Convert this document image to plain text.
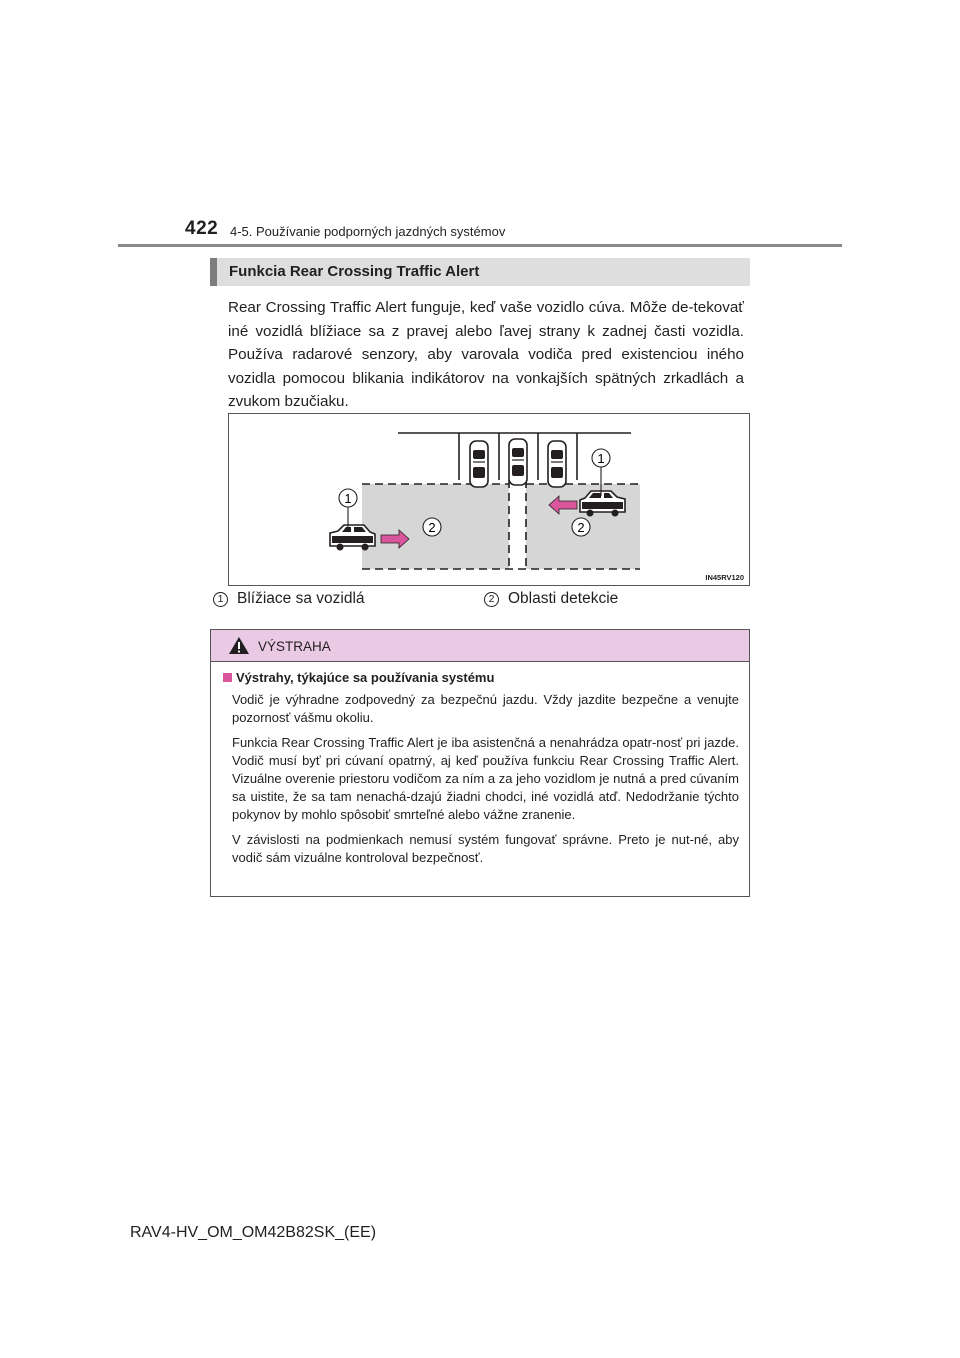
422 4-5. Používanie podporných jazdných systémov
Funkcia Rear Crossing Traffic Alert

Rear Crossing Traffic Alert funguje, keď vaše vozidlo cúva. Môže de-tekovať iné vozidlá blížiace sa z pravej alebo ľavej strany k zadnej časti vozidla. Používa radarové senzory, aby varovala vodiča pred existenciou iného vozidla pomocou blikania indikátorov na vonkajších spätných zrkadlách a zvukom bzučiaku.

1
1
2	2
IN45RV120
1 Blížiace sa vozidlá	2 Oblasti detekcie
VÝSTRAHA

Výstrahy, týkajúce sa používania systému

Vodič je výhradne zodpovedný za bezpečnú jazdu. Vždy jazdite bezpečne a venujte pozornosť vášmu okoliu.

Funkcia Rear Crossing Traffic Alert je iba asistenčná a nenahrádza opatr-nosť pri jazde. Vodič musí byť pri cúvaní opatrný, aj keď používa funkciu Rear Crossing Traffic Alert. Vizuálne overenie priestoru vodičom za ním a za jeho vozidlom je nutná a pred cúvaním sa uistite, že sa tam nenachá-dzajú žiadni chodci, iné vozidlá atď. Nedodržanie týchto pokynov by mohlo spôsobiť smrteľné alebo vážne zranenie.

V závislosti na podmienkach nemusí systém fungovať správne. Preto je nut-né, aby vodič sám vizuálne kontroloval bezpečnosť.

RAV4-HV_OM_OM42B82SK_(EE)
